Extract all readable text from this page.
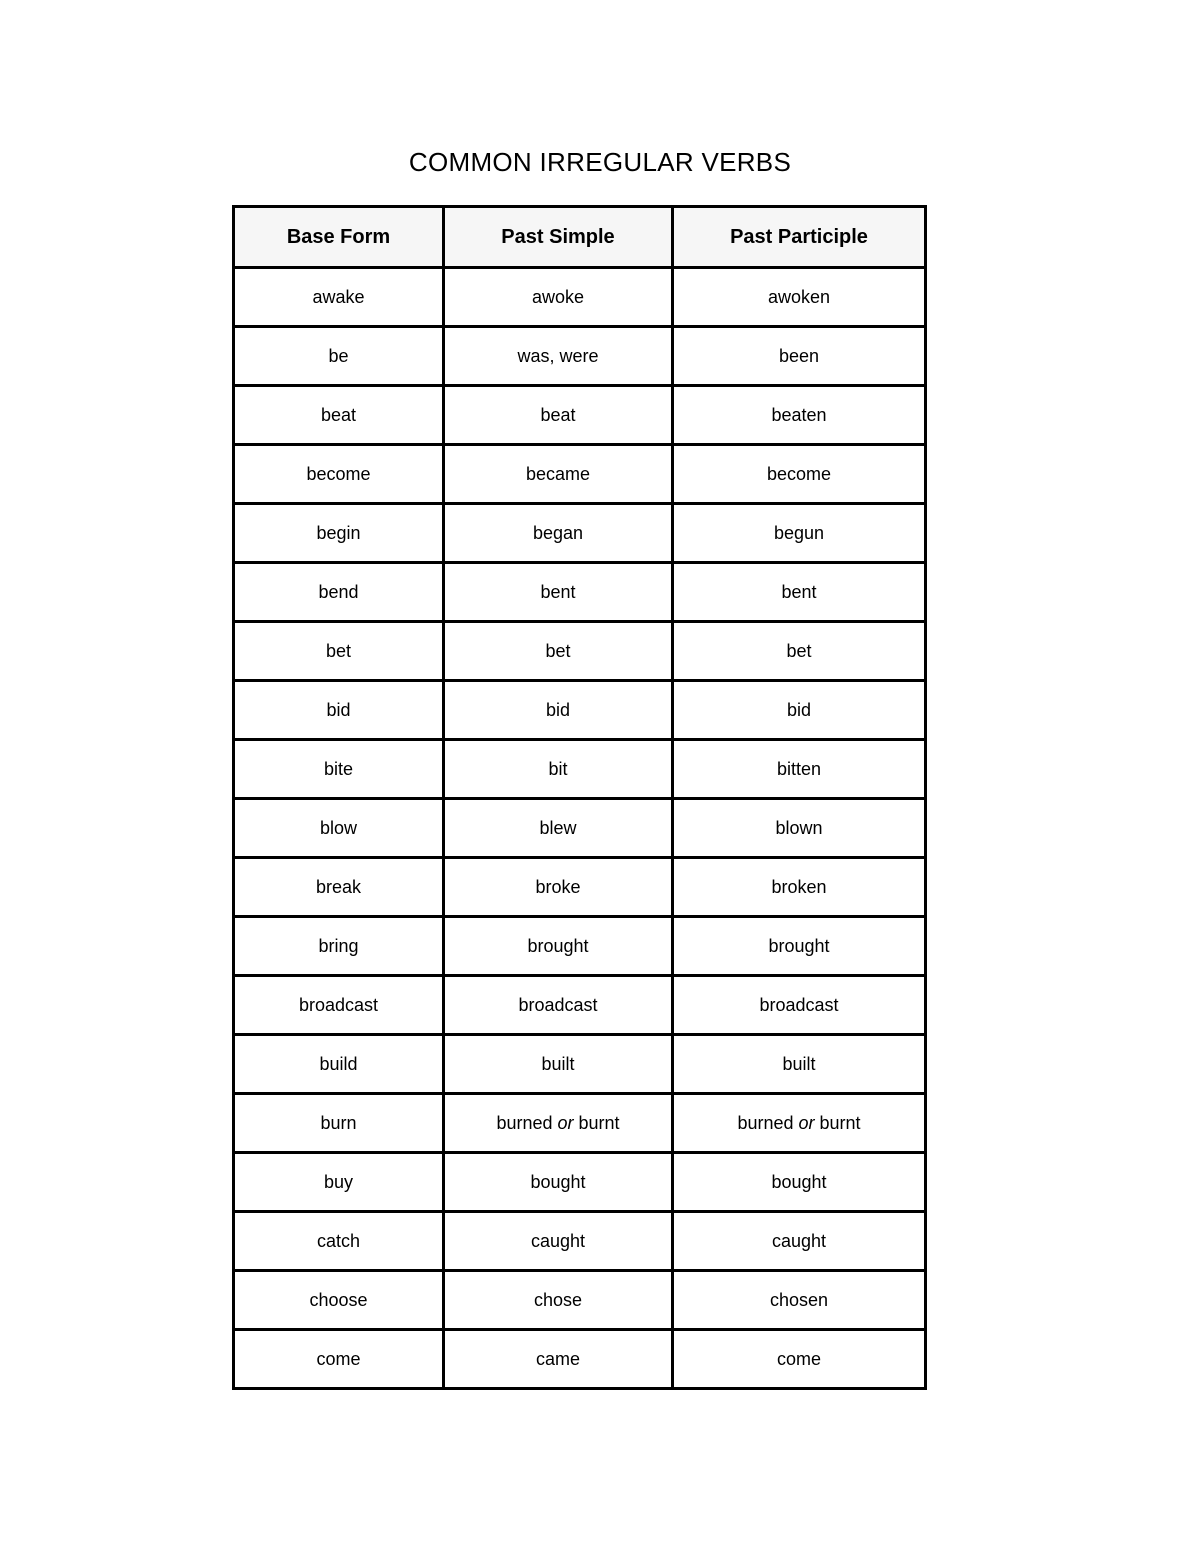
COMMON IRREGULAR VERBS
Base Form	Past Simple	Past Participle
awake	awoke	awoken
be	was, were	been
beat	beat	beaten
become	became	become
begin	began	begun
bend	bent	bent
bet	bet	bet
bid	bid	bid
bite	bit	bitten
blow	blew	blown
break	broke	broken
bring	brought	brought
broadcast	broadcast	broadcast
build	built	built
burn	burned or burnt	burned or burnt
buy	bought	bought
catch	caught	caught
choose	chose	chosen
come	came	come
